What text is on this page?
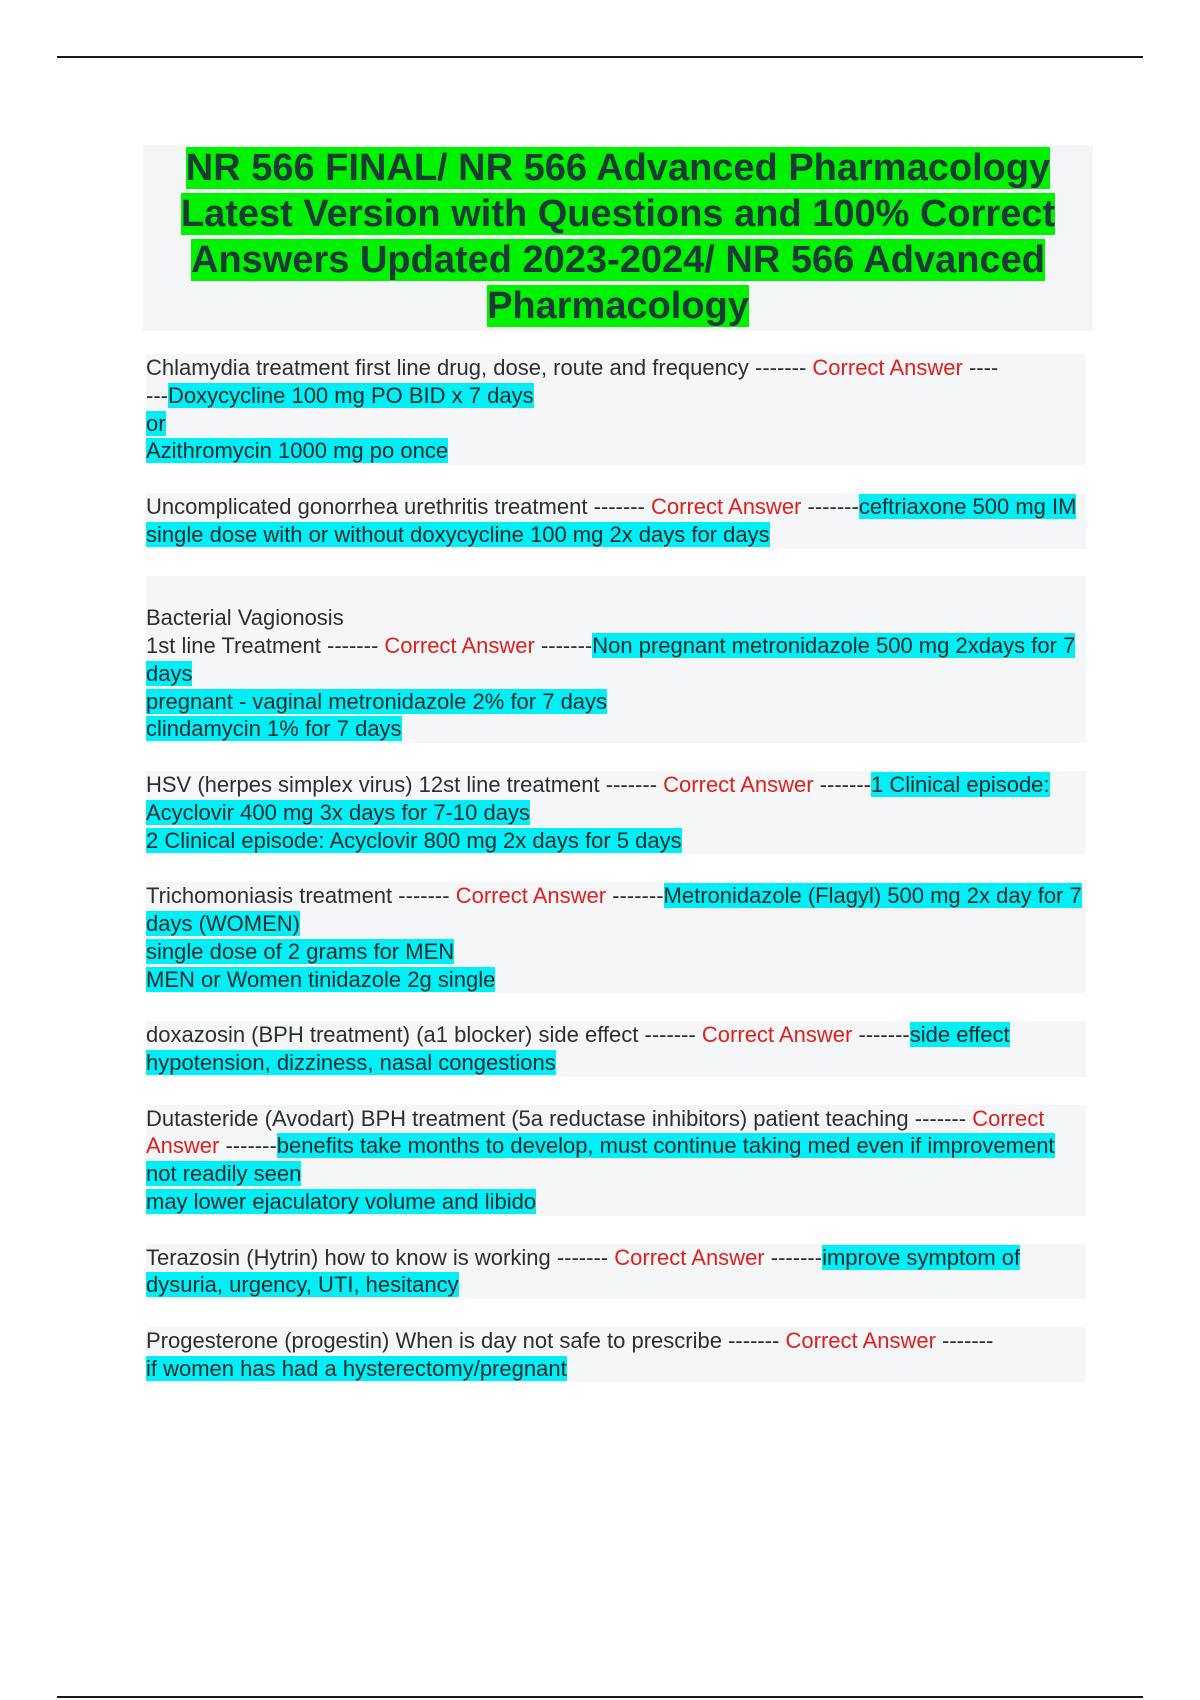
NR 566 FINAL/ NR 566 Advanced Pharmacology
Latest Version with Questions and 100% Correct
Answers Updated 2023-2024/ NR 566 Advanced
Pharmacology
Chlamydia treatment first line drug, dose, route and frequency ------- Correct Answer ----
---Doxycycline 100 mg PO BID x 7 days
or
Azithromycin 1000 mg po once
Uncomplicated gonorrhea urethritis treatment ------- Correct Answer -------ceftriaxone 500 mg IM single dose with or without doxycycline 100 mg 2x days for days

Bacterial Vagionosis
1st line Treatment ------- Correct Answer -------Non pregnant metronidazole 500 mg 2xdays for 7 days
pregnant - vaginal metronidazole 2% for 7 days
clindamycin 1% for 7 days

HSV (herpes simplex virus) 12st line treatment ------- Correct Answer -------1 Clinical episode: Acyclovir 400 mg 3x days for 7-10 days
2 Clinical episode: Acyclovir 800 mg 2x days for 5 days
Trichomoniasis treatment ------- Correct Answer -------Metronidazole (Flagyl) 500 mg 2x day for 7 days (WOMEN)
single dose of 2 grams for MEN
MEN or Women tinidazole 2g single
doxazosin (BPH treatment) (a1 blocker) side effect ------- Correct Answer -------side effect
hypotension, dizziness, nasal congestions
Dutasteride (Avodart) BPH treatment (5a reductase inhibitors) patient teaching ------- Correct Answer -------benefits take months to develop, must continue taking med even if improvement not readily seen
may lower ejaculatory volume and libido
Terazosin (Hytrin) how to know is working ------- Correct Answer -------improve symptom of dysuria, urgency, UTI, hesitancy
Progesterone (progestin) When is day not safe to prescribe ------- Correct Answer -------
if women has had a hysterectomy/pregnant
